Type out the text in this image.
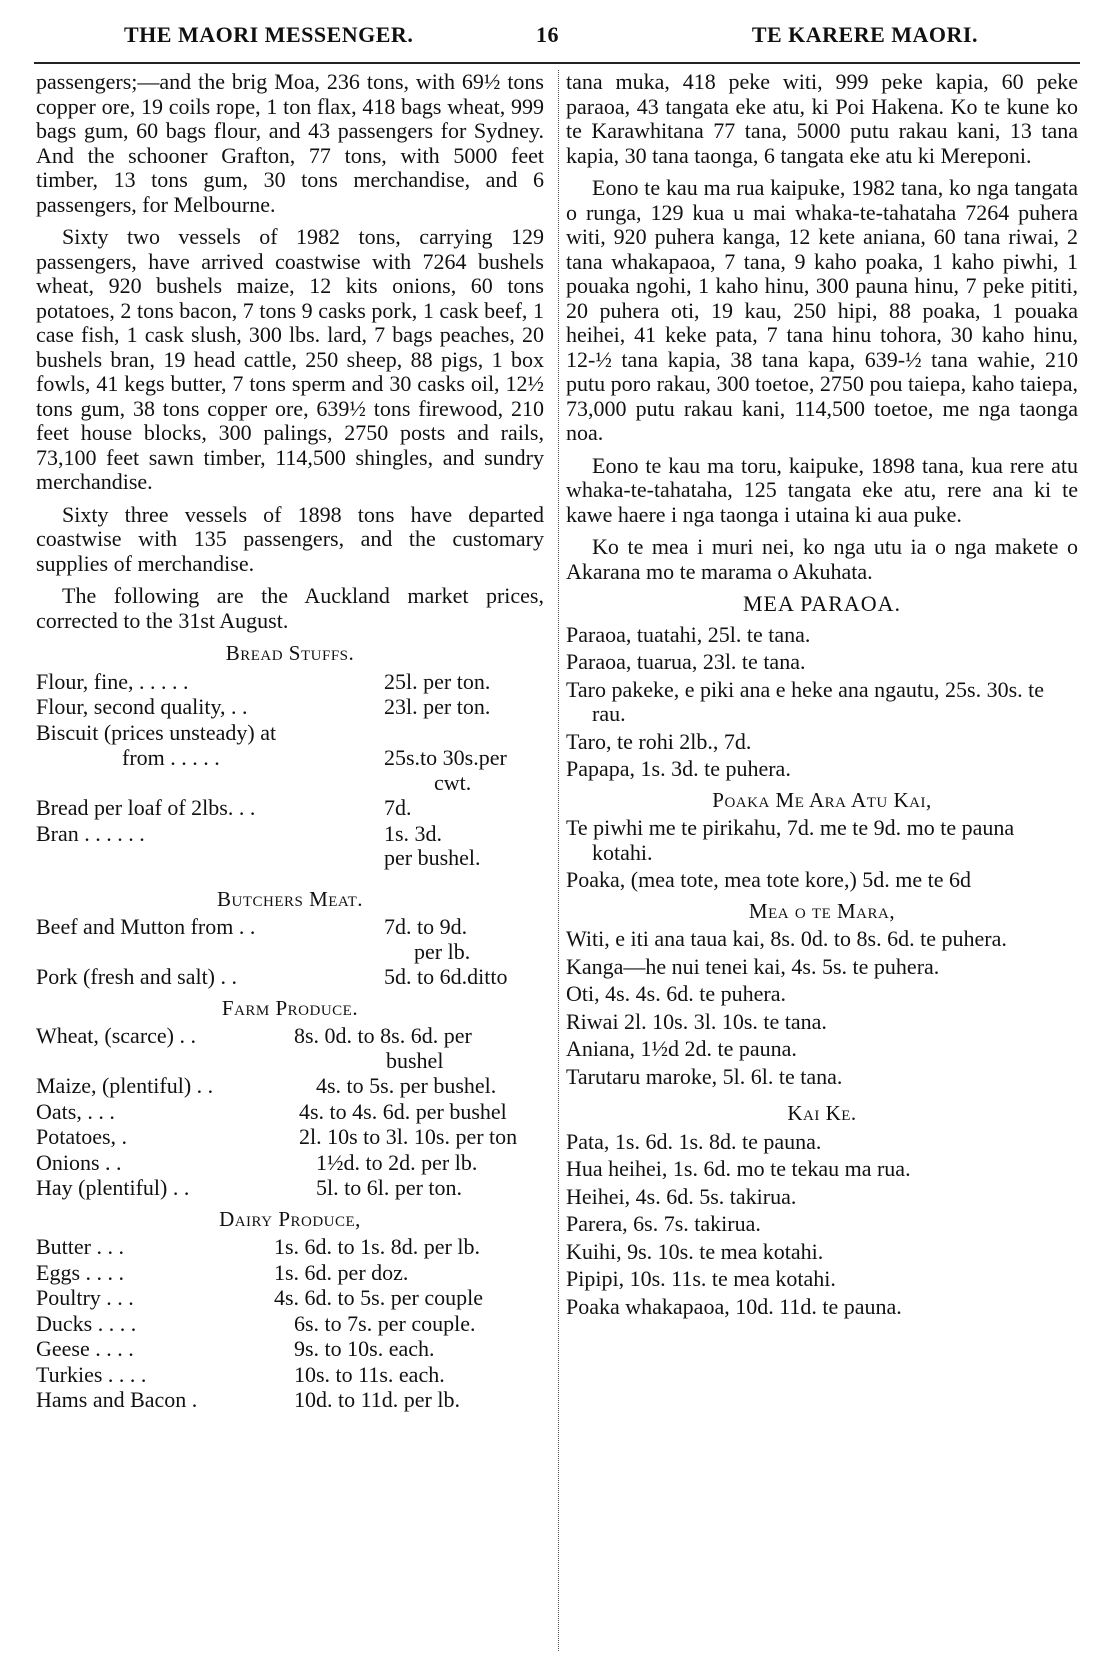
THE MAORI MESSENGER.	16	TE KARERE MAORI.

passengers;—and the brig Moa, 236 tons, with 69½ tons copper ore, 19 coils rope, 1 ton flax, 418 bags wheat, 999 bags gum, 60 bags flour, and 43 passengers for Sydney. And the schooner Grafton, 77 tons, with 5000 feet timber, 13 tons gum, 30 tons merchandise, and 6 passengers, for Melbourne.

Sixty two vessels of 1982 tons, carrying 129 passengers, have arrived coastwise with 7264 bushels wheat, 920 bushels maize, 12 kits onions, 60 tons potatoes, 2 tons bacon, 7 tons 9 casks pork, 1 cask beef, 1 case fish, 1 cask slush, 300 lbs. lard, 7 bags peaches, 20 bushels bran, 19 head cattle, 250 sheep, 88 pigs, 1 box fowls, 41 kegs butter, 7 tons sperm and 30 casks oil, 12½ tons gum, 38 tons copper ore, 639½ tons firewood, 210 feet house blocks, 300 palings, 2750 posts and rails, 73,100 feet sawn timber, 114,500 shingles, and sundry merchandise.

Sixty three vessels of 1898 tons have departed coastwise with 135 passengers, and the customary supplies of merchandise.

The following are the Auckland market prices, corrected to the 31st August.

Bread Stuffs.
Flour, fine, . . . . .	25l. per ton.
Flour, second quality, . .	23l. per ton.
Biscuit (prices unsteady) at
from . . . . .	25s.to 30s.per
cwt.
Bread per loaf of 2lbs. . .	7d.
Bran . . . . . .	1s. 3d.
per bushel.
Butchers Meat.
Beef and Mutton from . .	7d. to 9d.
per lb.
Pork (fresh and salt) . .	5d. to 6d.ditto
Farm Produce.
Wheat, (scarce) . .	8s. 0d. to 8s. 6d. per
bushel
Maize, (plentiful) . .	4s. to 5s. per bushel.
Oats, . . .	4s. to 4s. 6d. per bushel
Potatoes, .	2l. 10s to 3l. 10s. per ton
Onions . .	1½d. to 2d. per lb.
Hay (plentiful) . .	5l. to 6l. per ton.
Dairy Produce,
Butter . . .	1s. 6d. to 1s. 8d. per lb.
Eggs . . . .	1s. 6d. per doz.
Poultry . . .	4s. 6d. to 5s. per couple
Ducks . . . .	6s. to 7s. per couple.
Geese . . . .	9s. to 10s. each.
Turkies . . . .	10s. to 11s. each.
Hams and Bacon .	10d. to 11d. per lb.

tana muka, 418 peke witi, 999 peke kapia, 60 peke paraoa, 43 tangata eke atu, ki Poi Hakena. Ko te kune ko te Karawhitana 77 tana, 5000 putu rakau kani, 13 tana kapia, 30 tana taonga, 6 tangata eke atu ki Mereponi.

Eono te kau ma rua kaipuke, 1982 tana, ko nga tangata o runga, 129 kua u mai whaka-te-tahataha 7264 puhera witi, 920 puhera kanga, 12 kete aniana, 60 tana riwai, 2 tana whakapaoa, 7 tana, 9 kaho poaka, 1 kaho piwhi, 1 pouaka ngohi, 1 kaho hinu, 300 pauna hinu, 7 peke pititi, 20 puhera oti, 19 kau, 250 hipi, 88 poaka, 1 pouaka heihei, 41 keke pata, 7 tana hinu tohora, 30 kaho hinu, 12-½ tana kapia, 38 tana kapa, 639-½ tana wahie, 210 putu poro rakau, 300 toetoe, 2750 pou taiepa, kaho taiepa, 73,000 putu rakau kani, 114,500 toetoe, me nga taonga noa.

Eono te kau ma toru, kaipuke, 1898 tana, kua rere atu whaka-te-tahataha, 125 tangata eke atu, rere ana ki te kawe haere i nga taonga i utaina ki aua puke.

Ko te mea i muri nei, ko nga utu ia o nga makete o Akarana mo te marama o Akuhata.

MEA PARAOA.

Paraoa, tuatahi, 25l. te tana.

Paraoa, tuarua, 23l. te tana.

Taro pakeke, e piki ana e heke ana ngautu, 25s. 30s. te rau.

Taro, te rohi 2lb., 7d.

Papapa, 1s. 3d. te puhera.

Poaka Me Ara Atu Kai,

Te piwhi me te pirikahu, 7d. me te 9d. mo te pauna kotahi.

Poaka, (mea tote, mea tote kore,) 5d. me te 6d

Mea o te Mara,

Witi, e iti ana taua kai, 8s. 0d. to 8s. 6d. te puhera.

Kanga—he nui tenei kai, 4s. 5s. te puhera.

Oti, 4s. 4s. 6d. te puhera.

Riwai 2l. 10s. 3l. 10s. te tana.

Aniana, 1½d 2d. te pauna.

Tarutaru maroke, 5l. 6l. te tana.

Kai Ke.

Pata, 1s. 6d. 1s. 8d. te pauna.

Hua heihei, 1s. 6d. mo te tekau ma rua.

Heihei, 4s. 6d. 5s. takirua.

Parera, 6s. 7s. takirua.

Kuihi, 9s. 10s. te mea kotahi.

Pipipi, 10s. 11s. te mea kotahi.

Poaka whakapaoa, 10d. 11d. te pauna.
